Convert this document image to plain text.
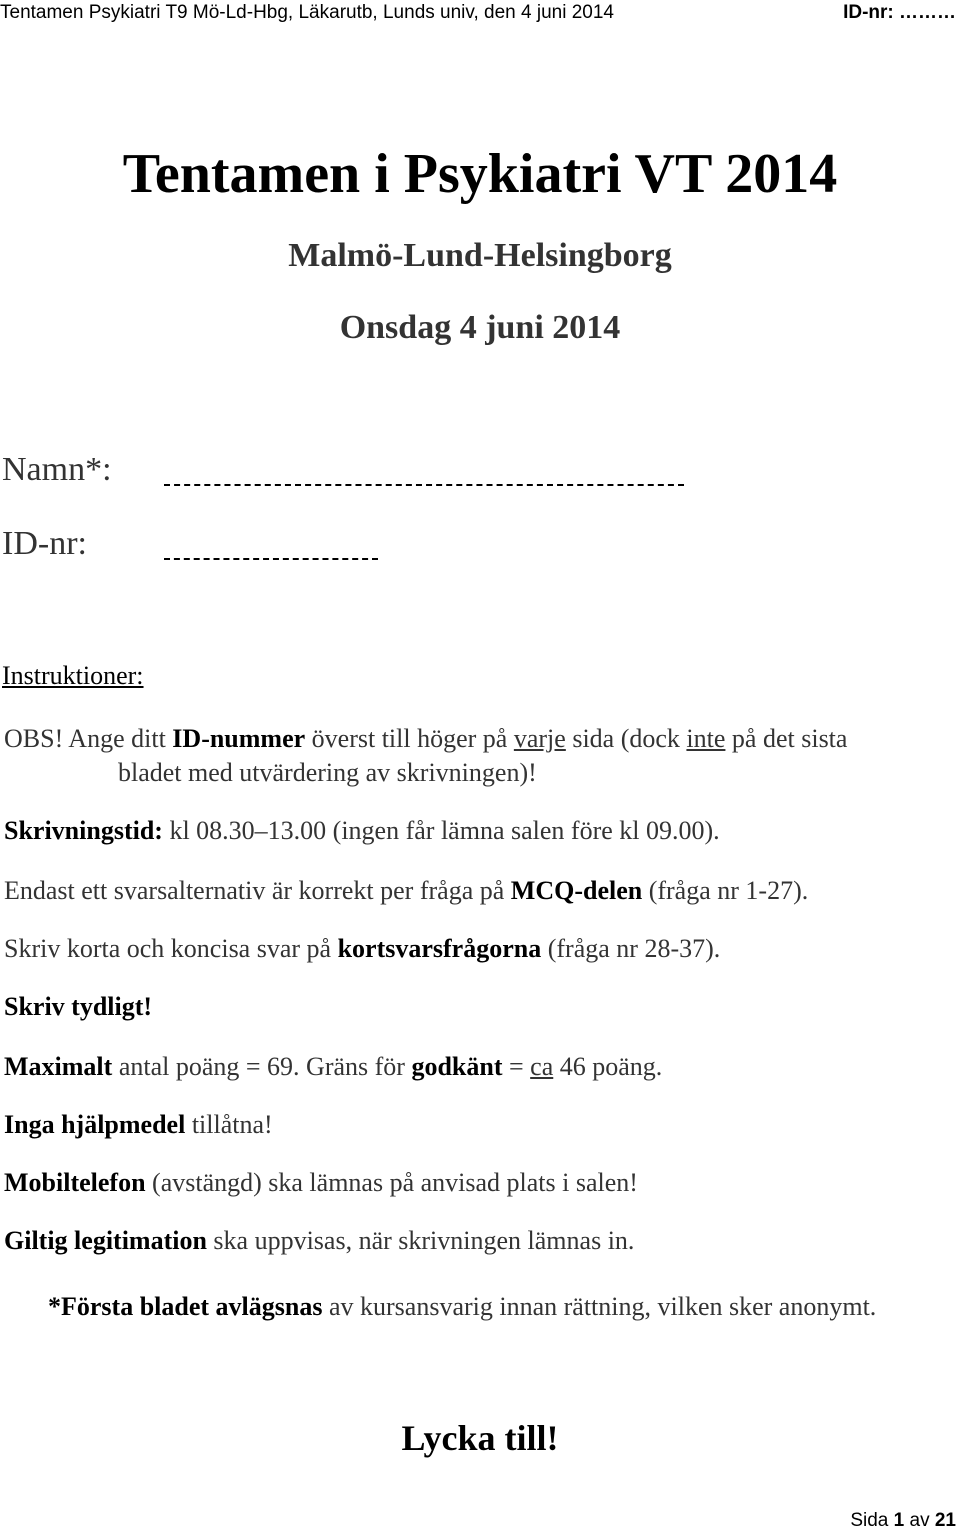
Tentamen Psykiatri T9 Mö-Ld-Hbg, Läkarutb, Lunds univ, den 4 juni 2014	ID-nr: ………
Tentamen i Psykiatri VT 2014
Malmö-Lund-Helsingborg
Onsdag 4 juni 2014
Namn*:
ID-nr:
Instruktioner:
OBS! Ange ditt ID-nummer överst till höger på varje sida (dock inte på det sista
bladet med utvärdering av skrivningen)!
Skrivningstid: kl 08.30–13.00 (ingen får lämna salen före kl 09.00).
Endast ett svarsalternativ är korrekt per fråga på MCQ-delen (fråga nr 1-27).
Skriv korta och koncisa svar på kortsvarsfrågorna (fråga nr 28-37).
Skriv tydligt!
Maximalt antal poäng = 69. Gräns för godkänt = ca 46 poäng.
Inga hjälpmedel tillåtna!
Mobiltelefon (avstängd) ska lämnas på anvisad plats i salen!
Giltig legitimation ska uppvisas, när skrivningen lämnas in.
*Första bladet avlägsnas av kursansvarig innan rättning, vilken sker anonymt.
Lycka till!
Sida 1 av 21
